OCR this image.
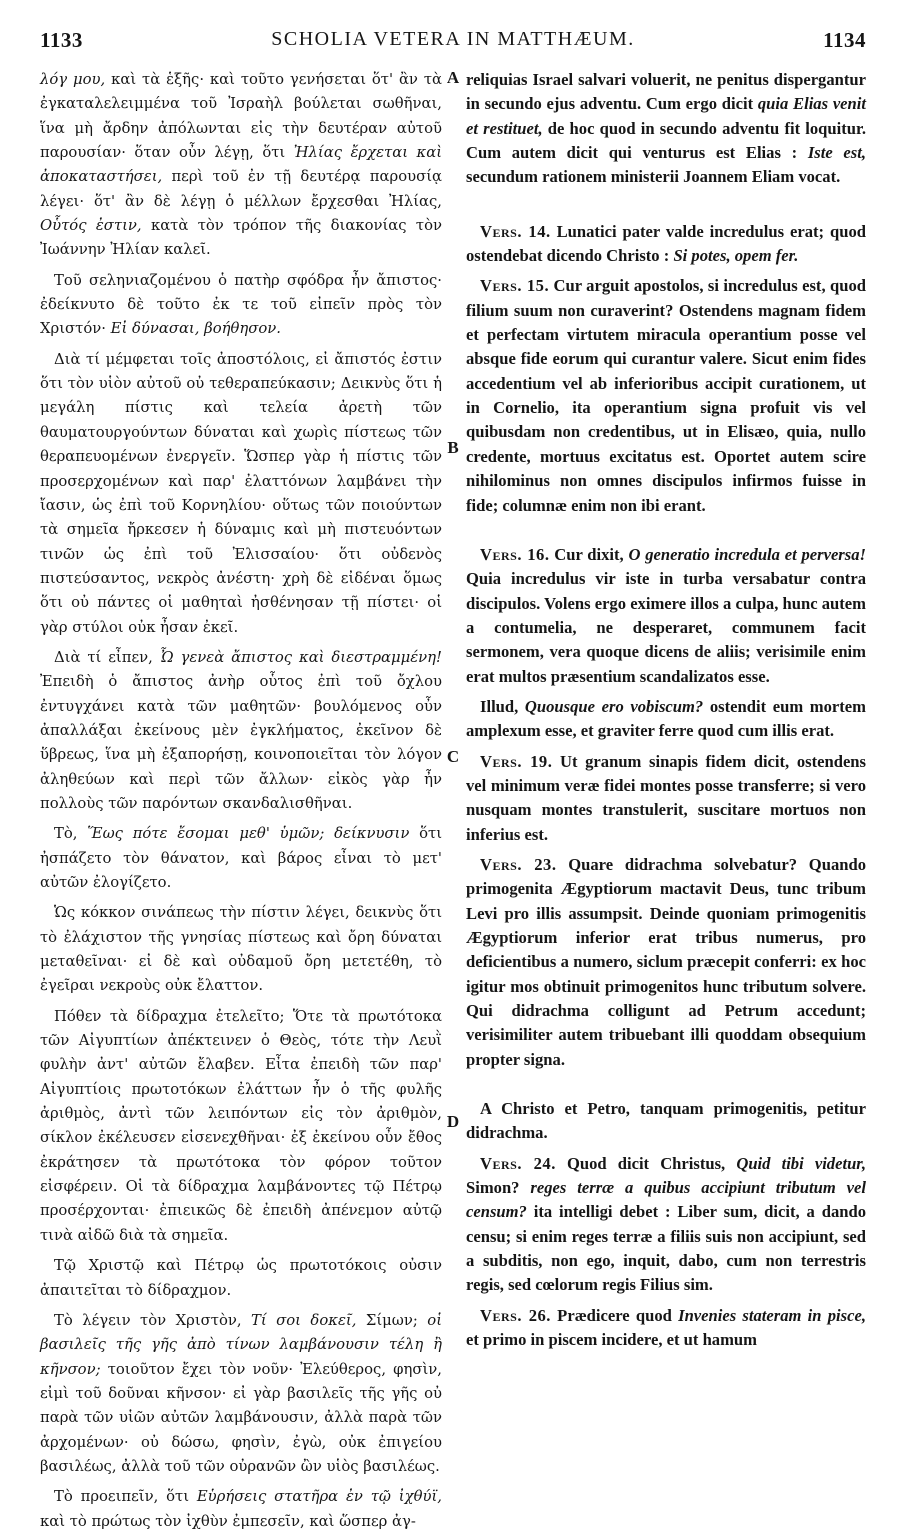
1133	SCHOLIA VETERA IN MATTHÆUM.	1134
A
B
C
D

λόγ μου, καὶ τὰ ἑξῆς· καὶ τοῦτο γενήσεται ὅτ' ἂν τὰ ἐγκαταλελειμμένα τοῦ Ἰσραὴλ βούλεται σωθῆναι, ἵνα μὴ ἄρδην ἀπόλωνται εἰς τὴν δευτέραν αὐτοῦ παρουσίαν· ὅταν οὖν λέγῃ, ὅτι Ἠλίας ἔρχεται καὶ ἀποκαταστήσει, περὶ τοῦ ἐν τῇ δευτέρᾳ παρουσίᾳ λέγει· ὅτ' ἂν δὲ λέγῃ ὁ μέλλων ἔρχεσθαι Ἠλίας, Οὗτός ἐστιν, κατὰ τὸν τρόπον τῆς διακονίας τὸν Ἰωάννην Ἠλίαν καλεῖ.

Τοῦ σεληνιαζομένου ὁ πατὴρ σφόδρα ἦν ἄπιστος· ἐδείκνυτο δὲ τοῦτο ἐκ τε τοῦ εἰπεῖν πρὸς τὸν Χριστόν· Εἰ δύνασαι, βοήθησον.

Διὰ τί μέμφεται τοῖς ἀποστόλοις, εἰ ἄπιστός ἐστιν ὅτι τὸν υἱὸν αὐτοῦ οὐ τεθεραπεύκασιν; Δεικνὺς ὅτι ἡ μεγάλη πίστις καὶ τελεία ἀρετὴ τῶν θαυματουργούντων δύναται καὶ χωρὶς πίστεως τῶν θεραπευομένων ἐνεργεῖν. Ὥσπερ γὰρ ἡ πίστις τῶν προσερχομένων καὶ παρ' ἐλαττόνων λαμβάνει τὴν ἴασιν, ὡς ἐπὶ τοῦ Κορνηλίου· οὕτως τῶν ποιούντων τὰ σημεῖα ἤρκεσεν ἡ δύναμις καὶ μὴ πιστευόντων τινῶν ὡς ἐπὶ τοῦ Ἐλισσαίου· ὅτι οὐδενὸς πιστεύσαντος, νεκρὸς ἀνέστη· χρὴ δὲ εἰδέναι ὅμως ὅτι οὐ πάντες οἱ μαθηταὶ ἠσθένησαν τῇ πίστει· οἱ γὰρ στύλοι οὐκ ἦσαν ἐκεῖ.

Διὰ τί εἶπεν, Ὦ γενεὰ ἄπιστος καὶ διεστραμμένη! Ἐπειδὴ ὁ ἄπιστος ἀνὴρ οὗτος ἐπὶ τοῦ ὄχλου ἐντυγχάνει κατὰ τῶν μαθητῶν· βουλόμενος οὖν ἀπαλλάξαι ἐκείνους μὲν ἐγκλήματος, ἐκεῖνον δὲ ὕβρεως, ἵνα μὴ ἐξαπορήσῃ, κοινοποιεῖται τὸν λόγον ἀληθεύων καὶ περὶ τῶν ἄλλων· εἰκὸς γὰρ ἦν πολλοὺς τῶν παρόντων σκανδαλισθῆναι.

Τὸ, Ἕως πότε ἔσομαι μεθ' ὑμῶν; δείκνυσιν ὅτι ἠσπάζετο τὸν θάνατον, καὶ βάρος εἶναι τὸ μετ' αὐτῶν ἐλογίζετο.

Ὡς κόκκον σινάπεως τὴν πίστιν λέγει, δεικνὺς ὅτι τὸ ἐλάχιστον τῆς γνησίας πίστεως καὶ ὄρη δύναται μεταθεῖναι· εἰ δὲ καὶ οὐδαμοῦ ὄρη μετετέθη, τὸ ἐγεῖραι νεκροὺς οὐκ ἔλαττον.

Πόθεν τὰ δίδραχμα ἐτελεῖτο; Ὅτε τὰ πρωτότοκα τῶν Αἰγυπτίων ἀπέκτεινεν ὁ Θεὸς, τότε τὴν Λευῒ φυλὴν ἀντ' αὐτῶν ἔλαβεν. Εἶτα ἐπειδὴ τῶν παρ' Αἰγυπτίοις πρωτοτόκων ἐλάττων ἦν ὁ τῆς φυλῆς ἀριθμὸς, ἀντὶ τῶν λειπόντων εἰς τὸν ἀριθμὸν, σίκλον ἐκέλευσεν εἰσενεχθῆναι· ἐξ ἐκείνου οὖν ἔθος ἐκράτησεν τὰ πρωτότοκα τὸν φόρον τοῦτον εἰσφέρειν. Οἱ τὰ δίδραχμα λαμβάνοντες τῷ Πέτρῳ προσέρχονται· ἐπιεικῶς δὲ ἐπειδὴ ἀπένεμον αὐτῷ τινὰ αἰδῶ διὰ τὰ σημεῖα.

Τῷ Χριστῷ καὶ Πέτρῳ ὡς πρωτοτόκοις οὐσιν ἀπαιτεῖται τὸ δίδραχμον.

Τὸ λέγειν τὸν Χριστὸν, Τί σοι δοκεῖ, Σίμων; οἱ βασιλεῖς τῆς γῆς ἀπὸ τίνων λαμβάνουσιν τέλη ἢ κῆνσον; τοιοῦτον ἔχει τὸν νοῦν· Ἐλεύθερος, φησὶν, εἰμὶ τοῦ δοῦναι κῆνσον· εἰ γὰρ βασιλεῖς τῆς γῆς οὐ παρὰ τῶν υἱῶν αὐτῶν λαμβάνουσιν, ἀλλὰ παρὰ τῶν ἀρχομένων· οὐ δώσω, φησὶν, ἐγὼ, οὐκ ἐπιγείου βασιλέως, ἀλλὰ τοῦ τῶν οὐρανῶν ὢν υἱὸς βασιλέως.

Τὸ προειπεῖν, ὅτι Εὑρήσεις στατῆρα ἐν τῷ ἰχθύϊ, καὶ τὸ πρώτως τὸν ἰχθὺν ἐμπεσεῖν, καὶ ὥσπερ ἀγ-

reliquias Israel salvari voluerit, ne penitus dispergantur in secundo ejus adventu. Cum ergo dicit quia Elias venit et restituet, de hoc quod in secundo adventu fit loquitur. Cum autem dicit qui venturus est Elias : Iste est, secundum rationem ministerii Joannem Eliam vocat.

Vers. 14. Lunatici pater valde incredulus erat; quod ostendebat dicendo Christo : Si potes, opem fer.

Vers. 15. Cur arguit apostolos, si incredulus est, quod filium suum non curaverint? Ostendens magnam fidem et perfectam virtutem miracula operantium posse vel absque fide eorum qui curantur valere. Sicut enim fides accedentium vel ab inferioribus accipit curationem, ut in Cornelio, ita operantium signa profuit vis vel quibusdam non credentibus, ut in Elisæo, quia, nullo credente, mortuus excitatus est. Oportet autem scire nihilominus non omnes discipulos infirmos fuisse in fide; columnæ enim non ibi erant.

Vers. 16. Cur dixit, O generatio incredula et perversa! Quia incredulus vir iste in turba versabatur contra discipulos. Volens ergo eximere illos a culpa, hunc autem a contumelia, ne desperaret, communem facit sermonem, vera quoque dicens de aliis; verisimile enim erat multos præsentium scandalizatos esse.

Illud, Quousque ero vobiscum? ostendit eum mortem amplexum esse, et graviter ferre quod cum illis erat.

Vers. 19. Ut granum sinapis fidem dicit, ostendens vel minimum veræ fidei montes posse transferre; si vero nusquam montes transtulerit, suscitare mortuos non inferius est.

Vers. 23. Quare didrachma solvebatur? Quando primogenita Ægyptiorum mactavit Deus, tunc tribum Levi pro illis assumpsit. Deinde quoniam primogenitis Ægyptiorum inferior erat tribus numerus, pro deficientibus a numero, siclum præcepit conferri: ex hoc igitur mos obtinuit primogenitos hunc tributum solvere. Qui didrachma colligunt ad Petrum accedunt; verisimiliter autem tribuebant illi quoddam obsequium propter signa.

A Christo et Petro, tanquam primogenitis, petitur didrachma.

Vers. 24. Quod dicit Christus, Quid tibi videtur, Simon? reges terræ a quibus accipiunt tributum vel censum? ita intelligi debet : Liber sum, dicit, a dando censu; si enim reges terræ a filiis suis non accipiunt, sed a subditis, non ego, inquit, dabo, cum non terrestris regis, sed cœlorum regis Filius sim.

Vers. 26. Prædicere quod Invenies stateram in pisce, et primo in piscem incidere, et ut hamum
